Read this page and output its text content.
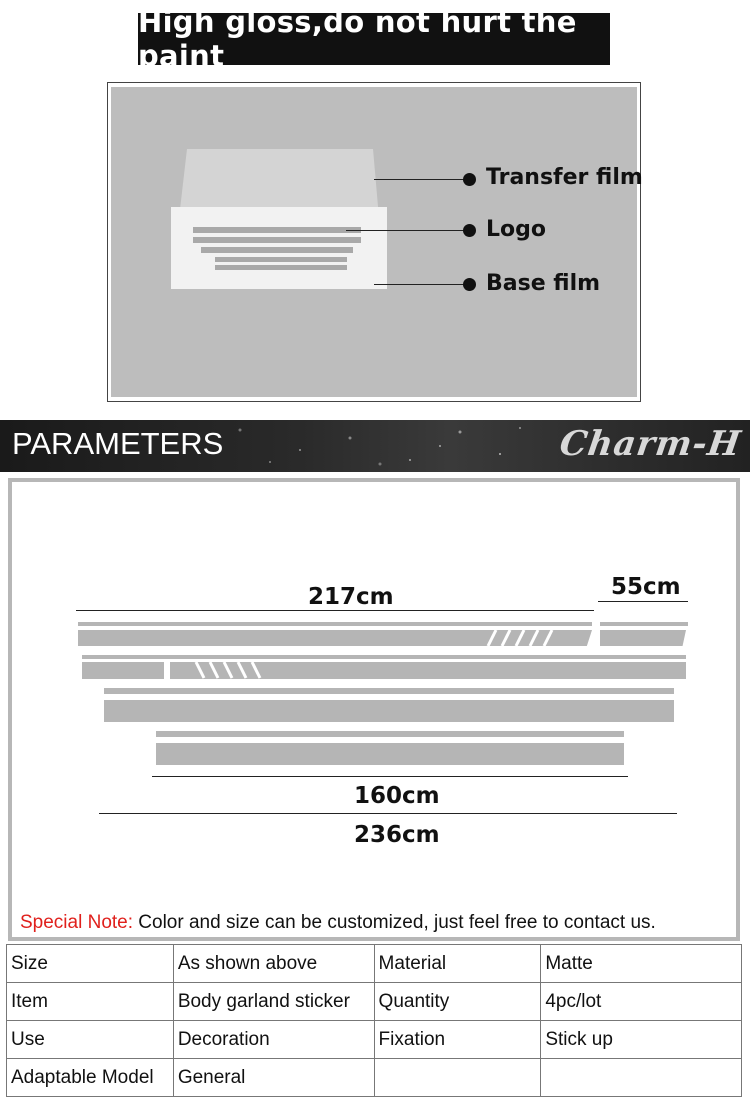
High gloss,do not hurt the paint
Transfer film
Logo
Base film
PARAMETERS	Charm-H
217cm	55cm
160cm
236cm
Special Note: Color and size can be customized, just feel free to contact us.
Size	As shown above	Material	Matte
Item	Body garland sticker	Quantity	4pc/lot
Use	Decoration	Fixation	Stick up
Adaptable Model	General		
